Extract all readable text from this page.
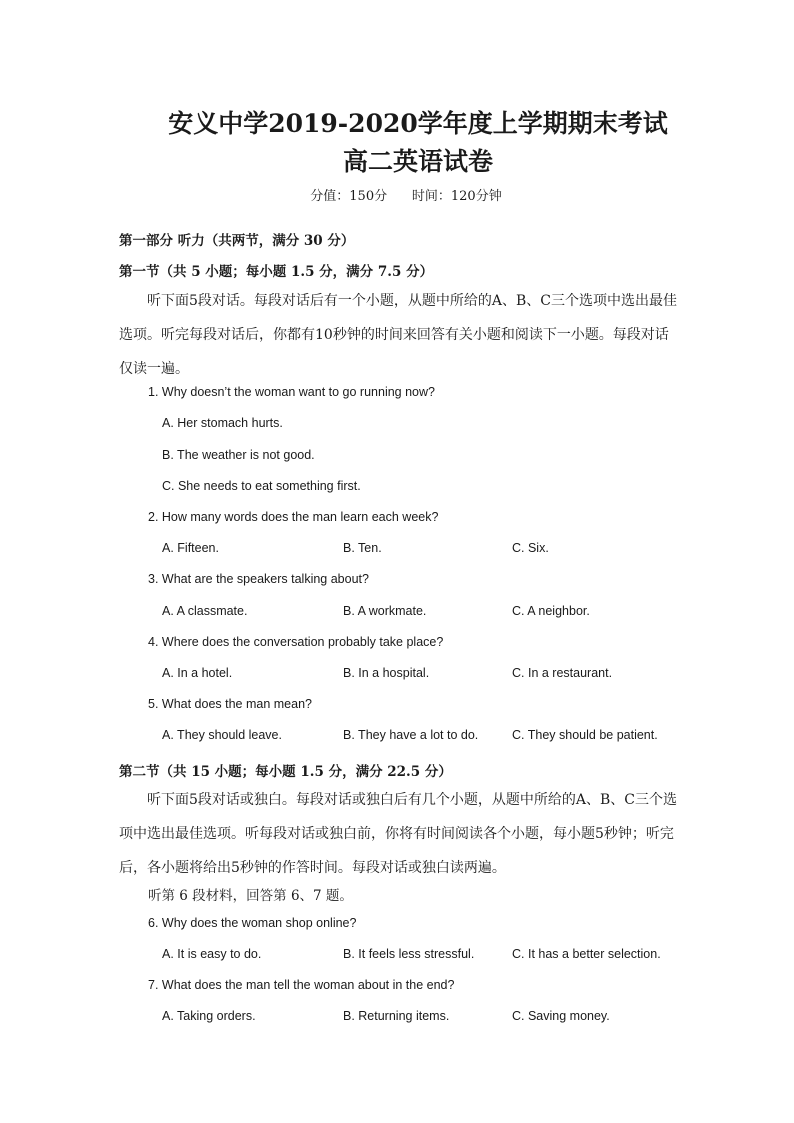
安义中学2019-2020学年度上学期期末考试
高二英语试卷
分值：150分      时间：120分钟
第一部分 听力（共两节，满分 30 分）
第一节（共 5 小题；每小题 1.5 分，满分 7.5 分）
听下面5段对话。每段对话后有一个小题，从题中所给的A、B、C三个选项中选出最佳选项。听完每段对话后，你都有10秒钟的时间来回答有关小题和阅读下一小题。每段对话仅读一遍。
1. Why doesn’t the woman want to go running now?
A. Her stomach hurts.
B. The weather is not good.
C. She needs to eat something first.
2. How many words does the man learn each week?
A. Fifteen.	B. Ten.	C. Six.
3. What are the speakers talking about?
A. A classmate.	B. A workmate.	C. A neighbor.
4. Where does the conversation probably take place?
A. In a hotel.	B. In a hospital.	C. In a restaurant.
5. What does the man mean?
A. They should leave.	B. They have a lot to do.	C. They should be patient.
第二节（共 15 小题；每小题 1.5 分，满分 22.5 分）
听下面5段对话或独白。每段对话或独白后有几个小题，从题中所给的A、B、C三个选项中选出最佳选项。听每段对话或独白前，你将有时间阅读各个小题，每小题5秒钟；听完后，各小题将给出5秒钟的作答时间。每段对话或独白读两遍。
听第 6 段材料，回答第 6、7 题。
6. Why does the woman shop online?
A. It is easy to do.	B. It feels less stressful.	C. It has a better selection.
7. What does the man tell the woman about in the end?
A. Taking orders.	B. Returning items.	C. Saving money.
